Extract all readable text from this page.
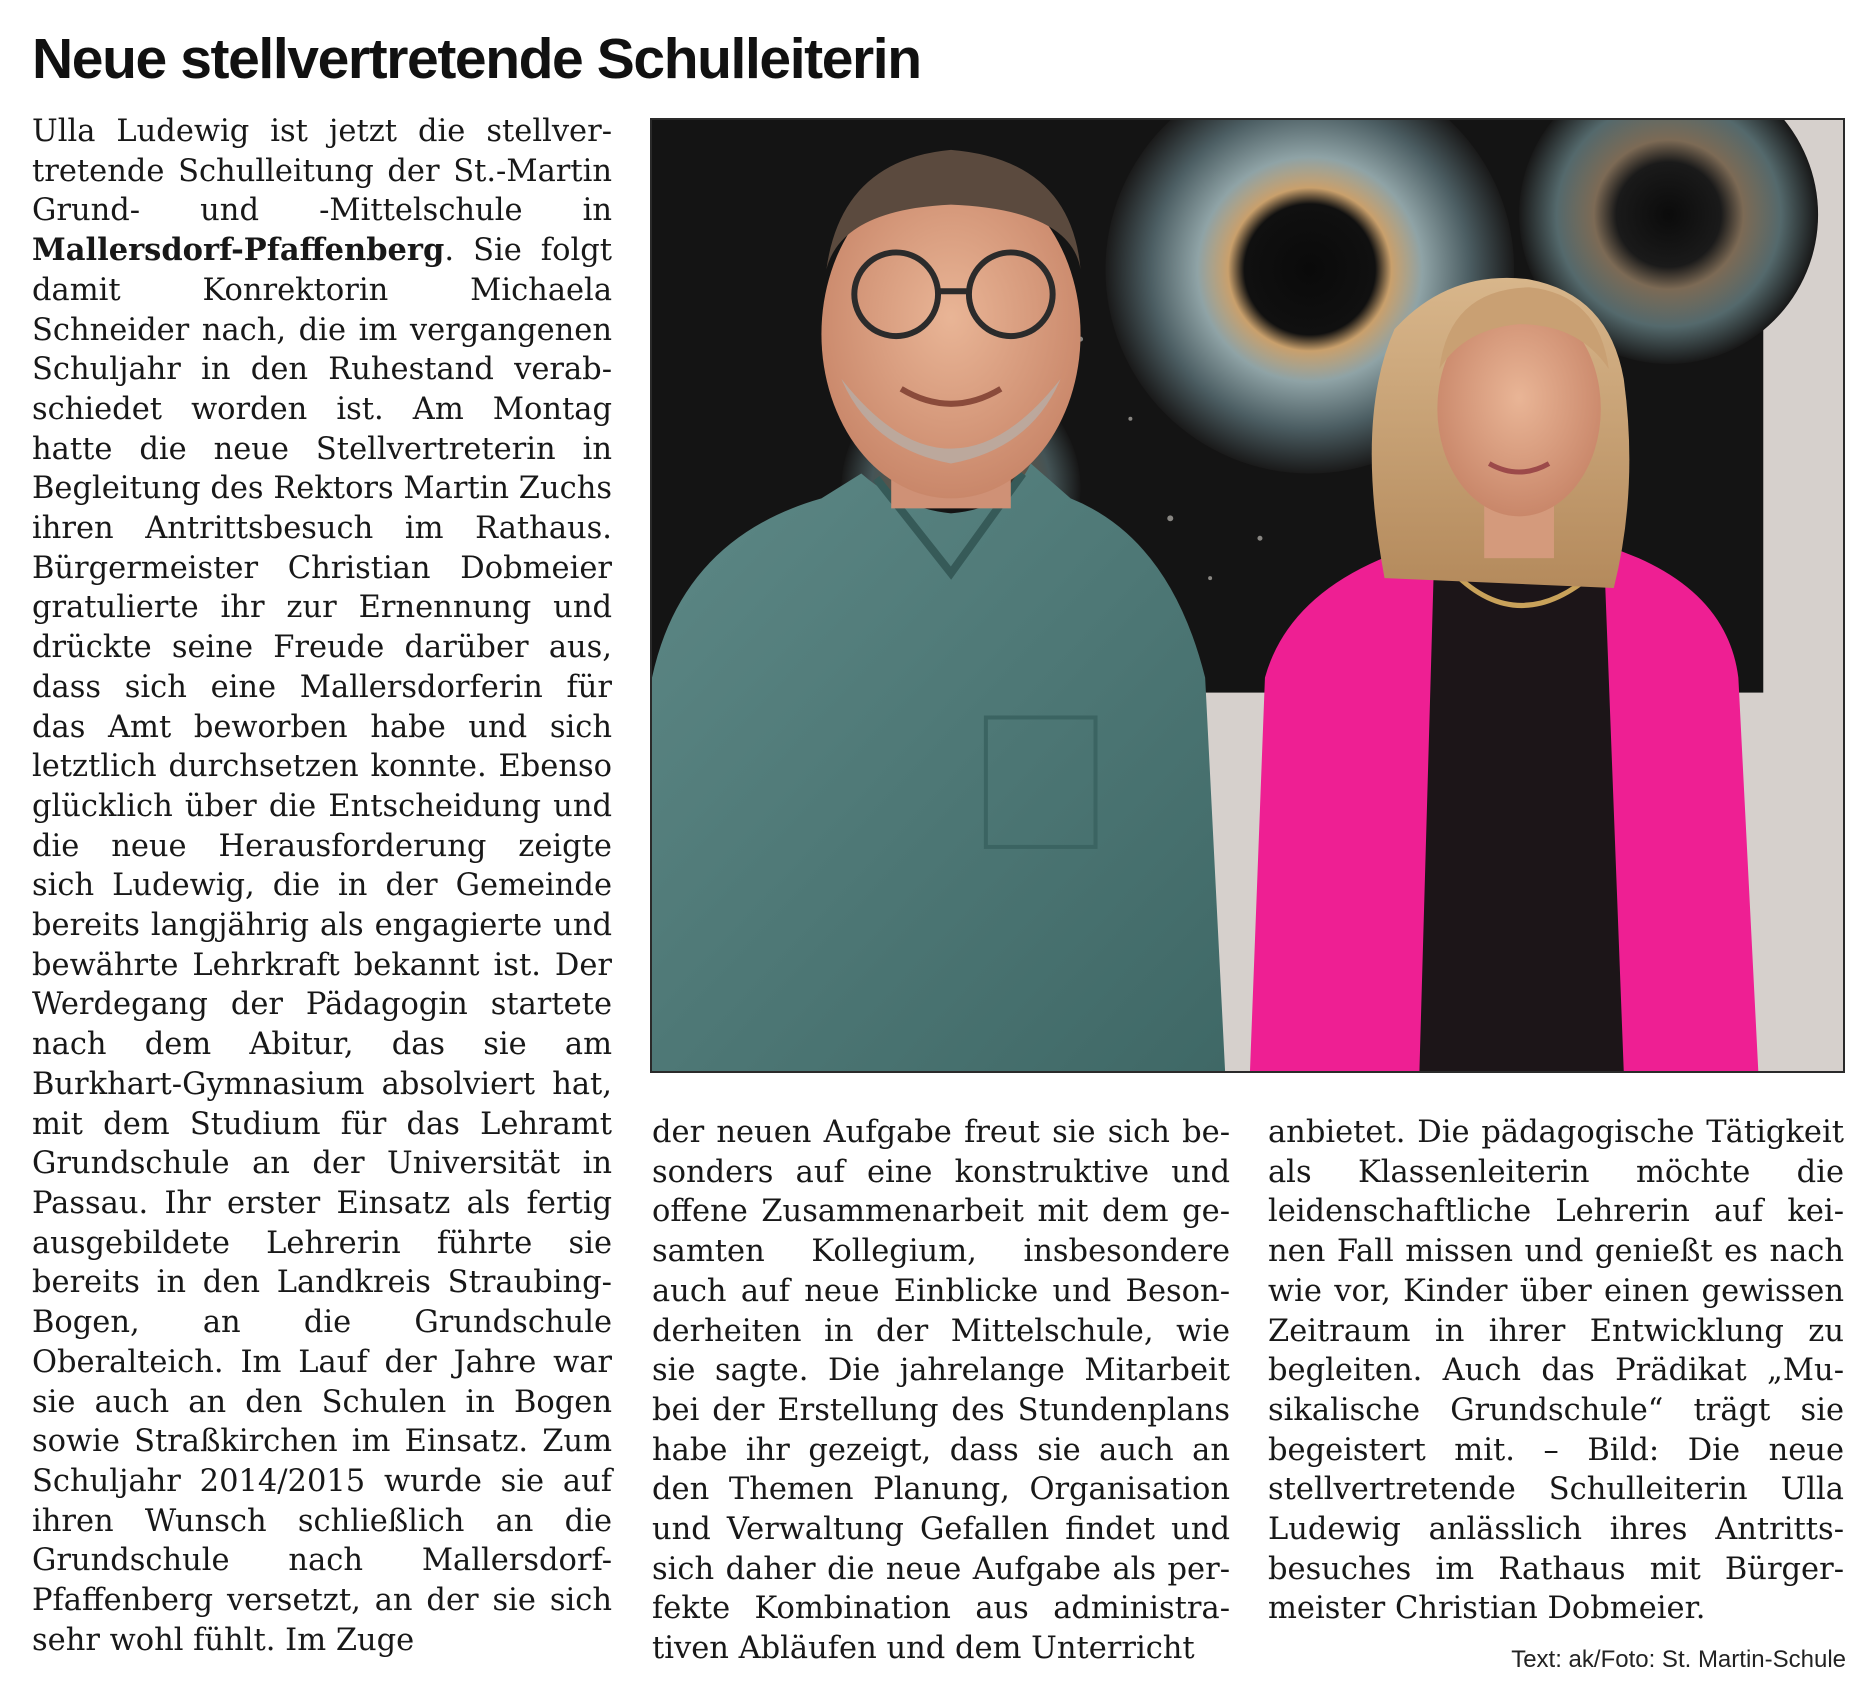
Neue stellvertretende Schulleiterin

Ulla Ludewig ist jetzt die stellvertretende Schulleitung der St.-Martin Grund- und -Mittelschule in Mallersdorf-Pfaffenberg. Sie folgt damit Konrektorin Michaela Schneider nach, die im vergangenen Schuljahr in den Ruhestand verabschiedet worden ist. Am Montag hatte die neue Stellvertreterin in Begleitung des Rektors Martin Zuchs ihren Antrittsbesuch im Rathaus. Bürgermeister Christian Dobmeier gratulierte ihr zur Ernennung und drückte seine Freude darüber aus, dass sich eine Mallersdorferin für das Amt beworben habe und sich letztlich durchsetzen konnte. Ebenso glücklich über die Entscheidung und die neue Herausforderung zeigte sich Ludewig, die in der Gemeinde bereits langjährig als engagierte und bewährte Lehrkraft bekannt ist. Der Werdegang der Pädagogin startete nach dem Abitur, das sie am Burkhart-Gymnasium absolviert hat, mit dem Studium für das Lehramt Grundschule an der Universität in Passau. Ihr erster Einsatz als fertig ausgebildete Lehrerin führte sie bereits in den Landkreis Straubing-Bogen, an die Grundschule Oberalteich. Im Lauf der Jahre war sie auch an den Schulen in Bogen sowie Straßkirchen im Einsatz. Zum Schuljahr 2014/2015 wurde sie auf ihren Wunsch schließlich an die Grundschule nach Mallersdorf-Pfaffenberg versetzt, an der sie sich sehr wohl fühlt. Im Zuge

der neuen Aufgabe freut sie sich besonders auf eine konstruktive und offene Zusammenarbeit mit dem gesamten Kollegium, insbesondere auch auf neue Einblicke und Besonderheiten in der Mittelschule, wie sie sagte. Die jahrelange Mitarbeit bei der Erstellung des Stundenplans habe ihr gezeigt, dass sie auch an den Themen Planung, Organisation und Verwaltung Gefallen findet und sich daher die neue Aufgabe als perfekte Kombination aus administrativen Abläufen und dem Unterricht

anbietet. Die pädagogische Tätigkeit als Klassenleiterin möchte die leidenschaftliche Lehrerin auf keinen Fall missen und genießt es nach wie vor, Kinder über einen gewissen Zeitraum in ihrer Entwicklung zu begleiten. Auch das Prädikat „Musikalische Grundschule“ trägt sie begeistert mit. – Bild: Die neue stellvertretende Schulleiterin Ulla Ludewig anlässlich ihres Antrittsbesuches im Rathaus mit Bürgermeister Christian Dobmeier.

Text: ak/Foto: St. Martin-Schule
